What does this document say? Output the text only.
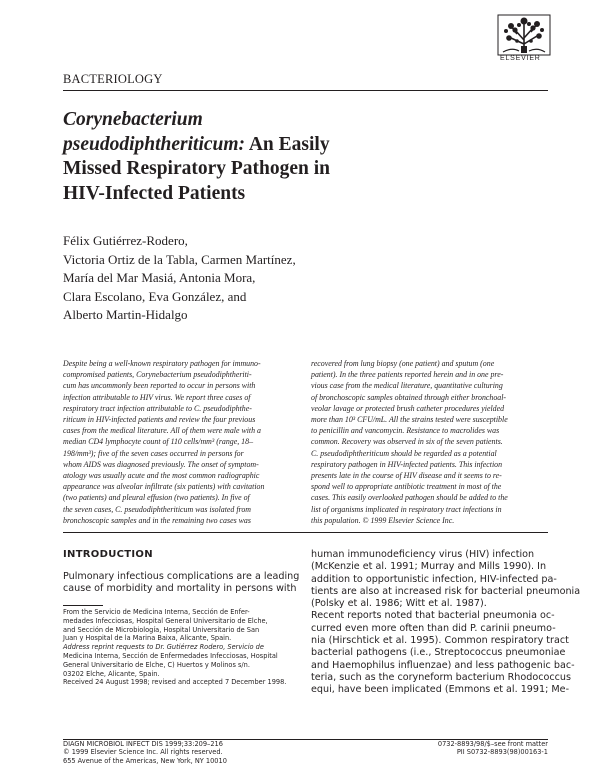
ELSEVIER
BACTERIOLOGY
Corynebacterium
pseudodiphtheriticum: An Easily
Missed Respiratory Pathogen in
HIV-Infected Patients
Félix Gutiérrez-Rodero,
Victoria Ortiz de la Tabla, Carmen Martínez,
María del Mar Masiá, Antonia Mora,
Clara Escolano, Eva González, and
Alberto Martin-Hidalgo
Despite being a well-known respiratory pathogen for immuno-
compromised patients, Corynebacterium pseudodiphtheriti-
cum has uncommonly been reported to occur in persons with
infection attributable to HIV virus. We report three cases of
respiratory tract infection attributable to C. pseudodiphthe-
riticum in HIV-infected patients and review the four previous
cases from the medical literature. All of them were male with a
median CD4 lymphocyte count of 110 cells/mm³ (range, 18–
198/mm³); five of the seven cases occurred in persons for
whom AIDS was diagnosed previously. The onset of symptom-
atology was usually acute and the most common radiographic
appearance was alveolar infiltrate (six patients) with cavitation
(two patients) and pleural effusion (two patients). In five of
the seven cases, C. pseudodiphtheriticum was isolated from
bronchoscopic samples and in the remaining two cases was
recovered from lung biopsy (one patient) and sputum (one
patient). In the three patients reported herein and in one pre-
vious case from the medical literature, quantitative culturing
of bronchoscopic samples obtained through either bronchoal-
veolar lavage or protected brush catheter procedures yielded
more than 10³ CFU/mL. All the strains tested were susceptible
to penicillin and vancomycin. Resistance to macrolides was
common. Recovery was observed in six of the seven patients.
C. pseudodiphtheriticum should be regarded as a potential
respiratory pathogen in HIV-infected patients. This infection
presents late in the course of HIV disease and it seems to re-
spond well to appropriate antibiotic treatment in most of the
cases. This easily overlooked pathogen should be added to the
list of organisms implicated in respiratory tract infections in
this population. © 1999 Elsevier Science Inc.
INTRODUCTION
Pulmonary infectious complications are a leading
cause of morbidity and mortality in persons with
human immunodeficiency virus (HIV) infection
(McKenzie et al. 1991; Murray and Mills 1990). In
addition to opportunistic infection, HIV-infected pa-
tients are also at increased risk for bacterial pneumonia
(Polsky et al. 1986; Witt et al. 1987).
Recent reports noted that bacterial pneumonia oc-
curred even more often than did P. carinii pneumo-
nia (Hirschtick et al. 1995). Common respiratory tract
bacterial pathogens (i.e., Streptococcus pneumoniae
and Haemophilus influenzae) and less pathogenic bac-
teria, such as the coryneform bacterium Rhodococcus
equi, have been implicated (Emmons et al. 1991; Me-
From the Servicio de Medicina Interna, Sección de Enfer-
medades Infecciosas, Hospital General Universitario de Elche,
and Sección de Microbiología, Hospital Universitario de San
Juan y Hospital de la Marina Baixa, Alicante, Spain.
Address reprint requests to Dr. Gutiérrez Rodero, Servicio de
Medicina Interna, Sección de Enfermedades Infecciosas, Hospital
General Universitario de Elche, C) Huertos y Molinos s/n.
03202 Elche, Alicante, Spain.
Received 24 August 1998; revised and accepted 7 December 1998.
DIAGN MICROBIOL INFECT DIS 1999;33:209–216
© 1999 Elsevier Science Inc. All rights reserved.
655 Avenue of the Americas, New York, NY 10010
0732-8893/98/$–see front matter
PII S0732-8893(98)00163-1
